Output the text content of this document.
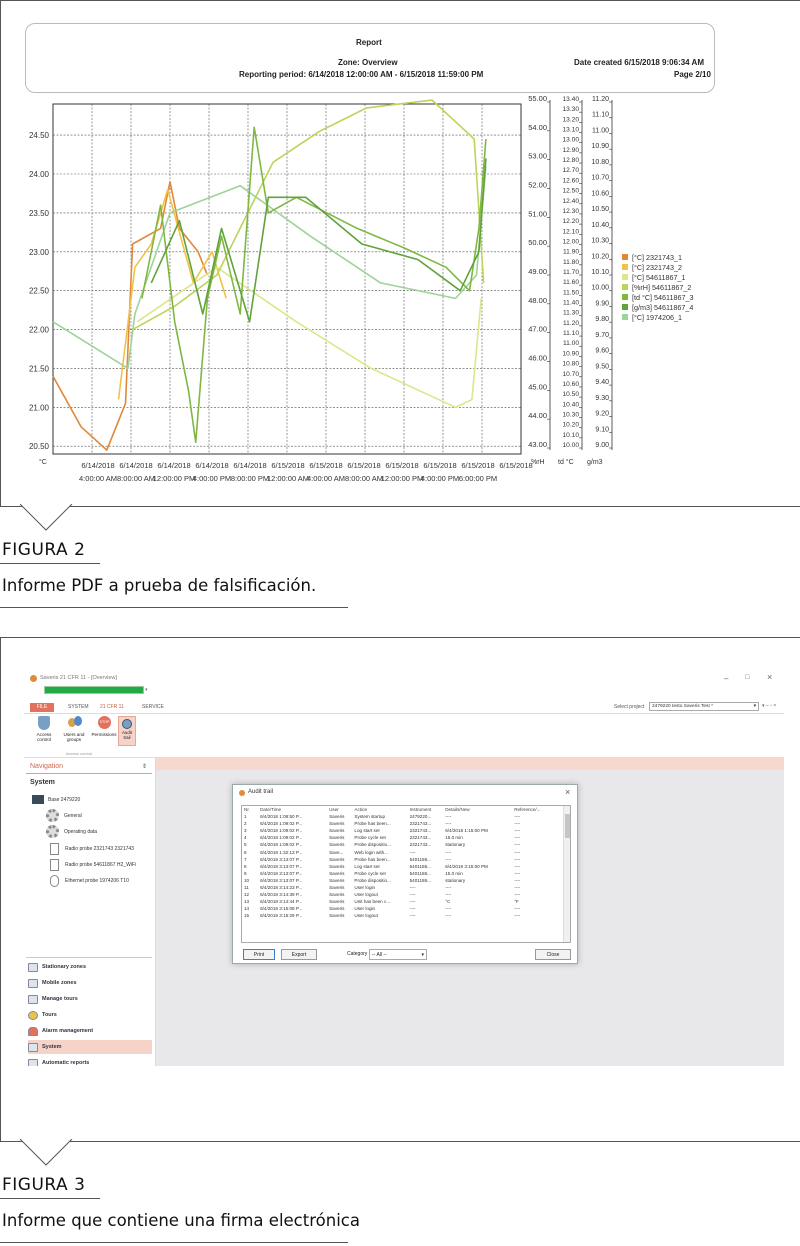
Report
Zone: Overview
Reporting period: 6/14/2018 12:00:00 AM - 6/15/2018 11:59:00 PM
Date created 6/15/2018 9:06:34 AM
Page 2/10
24.50
24.00
23.50
23.00
22.50
22.00
21.50
21.00
20.50
55.00
54.00
53.00
52.00
51.00
50.00
49.00
48.00
47.00
46.00
45.00
44.00
43.00
13.40
13.30
13.20
13.10
13.00
12.90
12.80
12.70
12.60
12.50
12.40
12.30
12.20
12.10
12.00
11.90
11.80
11.70
11.60
11.50
11.40
11.30
11.20
11.10
11.00
10.90
10.80
10.70
10.60
10.50
10.40
10.30
10.20
10.10
10.00
11.20
11.10
11.00
10.90
10.80
10.70
10.60
10.50
10.40
10.30
10.20
10.10
10.00
9.90
9.80
9.70
9.60
9.50
9.40
9.30
9.20
9.10
9.00
°C	%rH td °C g/m3
6/14/2018 6/14/2018 6/14/2018 6/14/2018 6/14/2018 6/15/2018 6/15/2018 6/15/2018 6/15/2018 6/15/2018 6/15/2018 6/15/2018
4:00:00 AM 8:00:00 AM
12:00:00 PM
4:00:00 PM 8:00:00 PM
12:00:00 AM
4:00:00 AM 8:00:00 AM
12:00:00 PM
4:00:00 PM 6:00:00 PM
[°C] 2321743_1
[°C] 2321743_2
[°C] 54611867_1
[%rH] 54611867_2
[td °C] 54611867_3
[g/m3] 54611867_4
[°C] 1974206_1
FIGURA 2
Informe PDF a prueba de falsificación.
Saveris 21 CFR 11 - [Overview]	– □ ×
▾
FILE	SYSTEM 21 CFR 11	SERVICE	Select project	2479220 testo Saveris Test *	▾ ▾ – ▫ ×
Access control
Users and groups
STOP
Permissions	Audit trail
Access control
Navigation	⇕
System
Base 2479220
General
Operating data
Radio probe 2321743 2321743
Radio probe 54611867 H2_WiFi
Ethernet probe 1974206 T10
Stationary zones
Mobile zones
Manage tours
Tours
Alarm management
System
Automatic reports
Audit trail	×
Nr.	Date/Time	User	Action	Instrument	Details/New	Reference/...
1	6/4/2018 1:08:50 P...	Saveris	System startup	2479220...	----	----
2	6/4/2018 1:09:02 P...	Saveris	Probe has been...	2321743...	----	----
3	6/4/2018 1:09:02 P...	Saveris	Log start set	2321743...	6/4/2018 1:15:00 PM	----
4	6/4/2018 1:09:02 P...	Saveris	Probe cycle set	2321743...	15.0 min	----
5	6/4/2018 1:09:02 P...	Saveris	Probe dispositio...	2321743...	stationary	----
6	6/4/2018 1:32:13 P...	Save...	Web login with...	----	----	----
7	6/4/2018 3:13:07 P...	Saveris	Probe has been...	5401186...	----	----
8	6/4/2018 3:13:07 P...	Saveris	Log start set	5401186...	6/4/2018 3:15:00 PM	----
9	6/4/2018 3:13:07 P...	Saveris	Probe cycle set	5401186...	15.0 min	----
10	6/4/2018 3:13:07 P...	Saveris	Probe dispositio...	5401186...	stationary	----
11	6/4/2018 3:14:23 P...	Saveris	User login	----	----	----
12	6/4/2018 3:14:39 P...	Saveris	User logout	----	----	----
13	6/4/2018 3:14:44 P...	Saveris	Unit has been c...	----	°C	°F
14	6/4/2018 3:15:08 P...	Saveris	User login	----	----	----
15	6/4/2018 3:16:29 P...	Saveris	User logout	----	----	----
Print	Export	Category -- All --	▾	Close
FIGURA 3
Informe que contiene una firma electrónica
